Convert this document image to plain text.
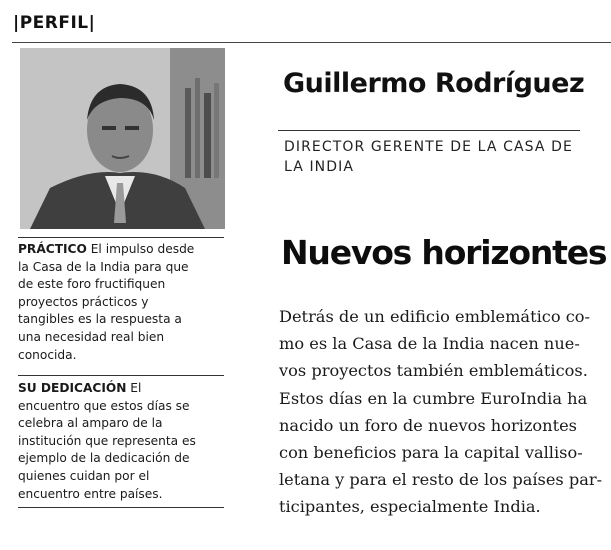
|PERFIL|
PRÁCTICO El impulso desde
la Casa de la India para que
de este foro fructifiquen
proyectos prácticos y
tangibles es la respuesta a
una necesidad real bien
conocida.
SU DEDICACIÓN El
encuentro que estos días se
celebra al amparo de la
institución que representa es
ejemplo de la dedicación de
quienes cuidan por el
encuentro entre países.
Guillermo Rodríguez
DIRECTOR GERENTE DE LA CASA DE
LA INDIA
Nuevos horizontes
Detrás de un edificio emblemático co-
mo es la Casa de la India nacen nue-
vos proyectos también emblemáticos.
Estos días en la cumbre EuroIndia ha
nacido un foro de nuevos horizontes
con beneficios para la capital valliso-
letana y para el resto de los países par-
ticipantes, especialmente India.
